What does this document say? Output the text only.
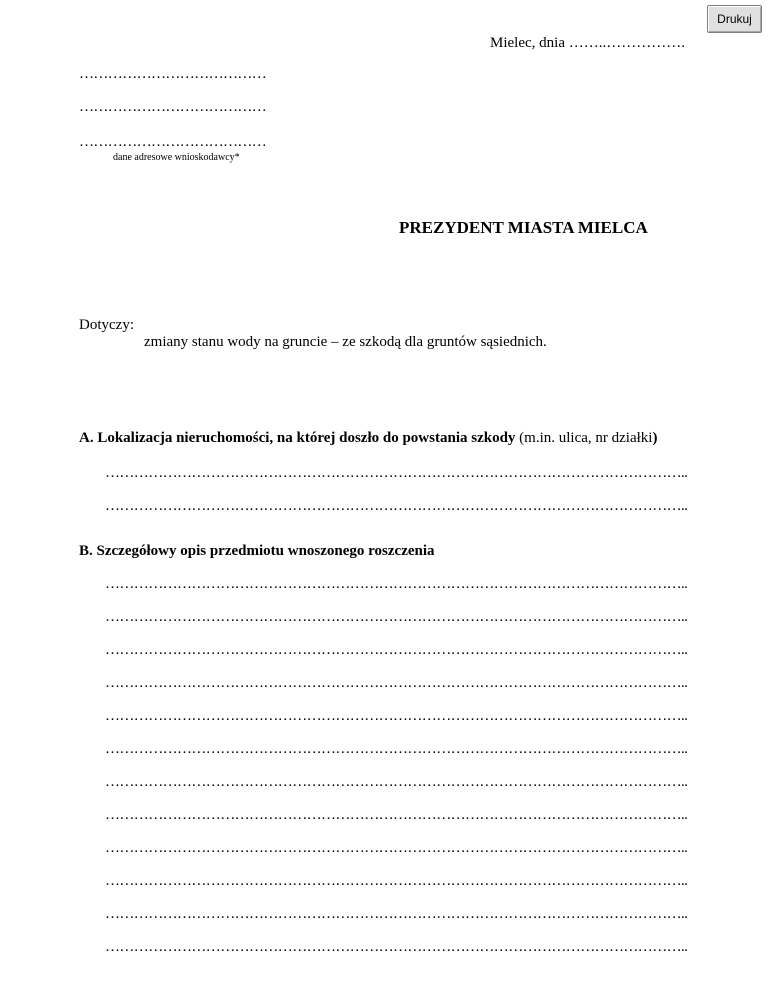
Drukuj
Mielec, dnia ……..…………….
…………………………………
…………………………………
…………………………………
dane adresowe wnioskodawcy*
PREZYDENT MIASTA MIELCA
Dotyczy:
zmiany stanu wody na gruncie – ze szkodą dla gruntów sąsiednich.
A. Lokalizacja nieruchomości, na której doszło do powstania szkody (m.in. ulica, nr działki)
…………………………………………………………………………………………………………..
…………………………………………………………………………………………………………..
B. Szczegółowy opis przedmiotu wnoszonego roszczenia
…………………………………………………………………………………………………………..
…………………………………………………………………………………………………………..
…………………………………………………………………………………………………………..
…………………………………………………………………………………………………………..
…………………………………………………………………………………………………………..
…………………………………………………………………………………………………………..
…………………………………………………………………………………………………………..
…………………………………………………………………………………………………………..
…………………………………………………………………………………………………………..
…………………………………………………………………………………………………………..
…………………………………………………………………………………………………………..
…………………………………………………………………………………………………………..
